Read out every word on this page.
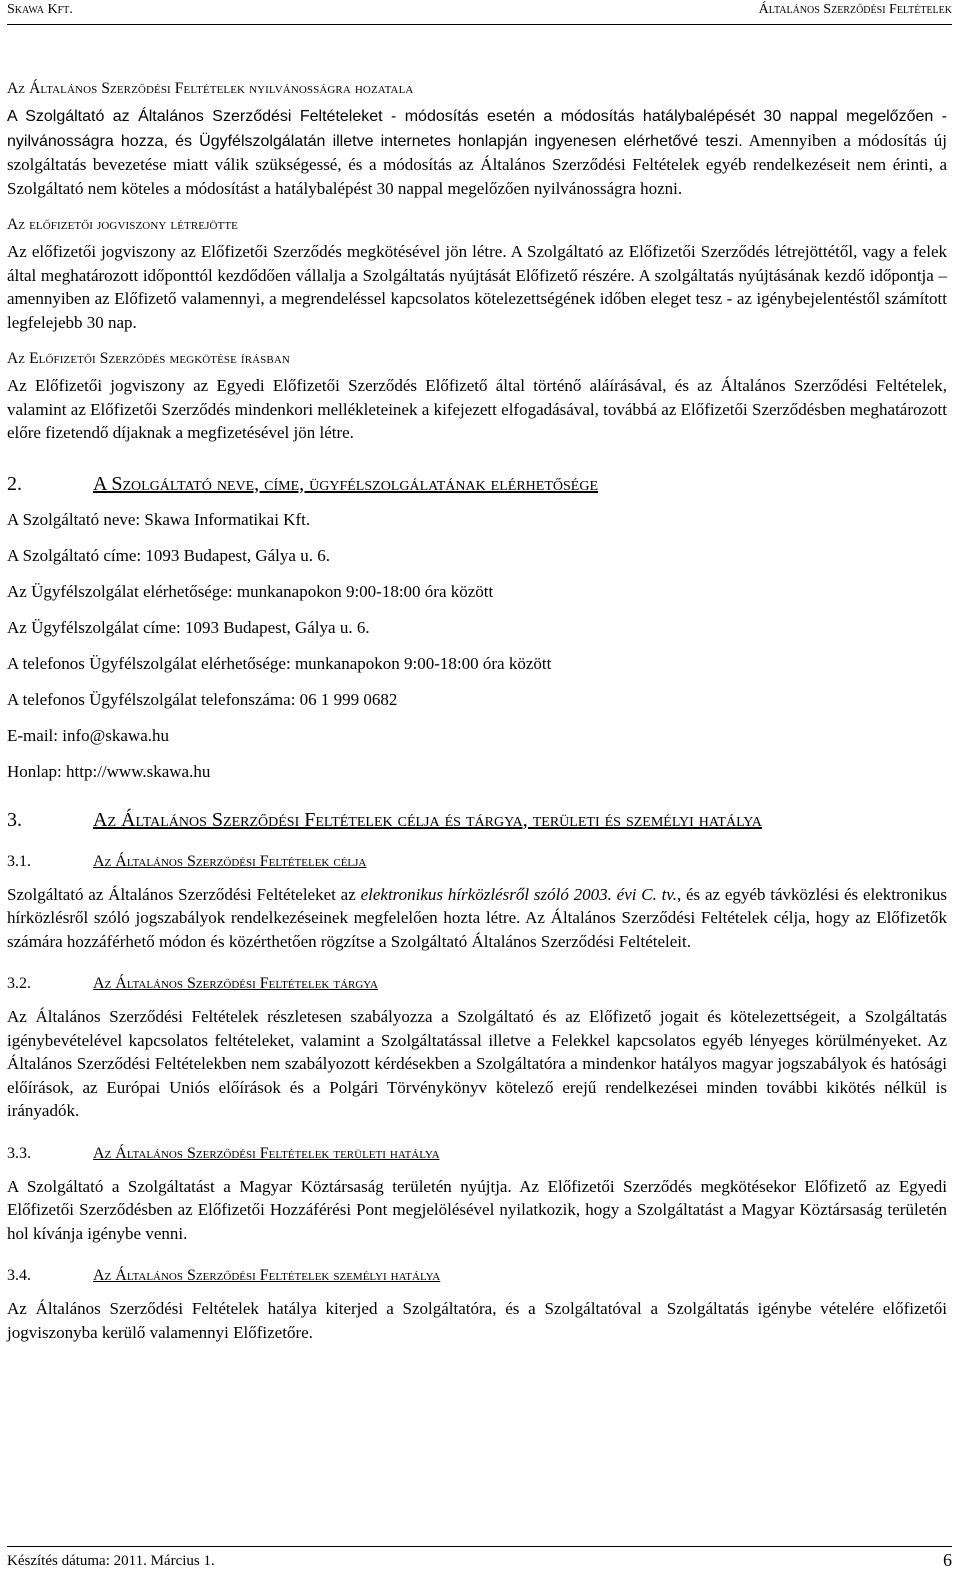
Skawa Kft.	Általános Szerződési Feltételek
Az Általános Szerződési Feltételek nyilvánosságra hozatala

A Szolgáltató az Általános Szerződési Feltételeket - módosítás esetén a módosítás hatálybalépését 30 nappal megelőzően - nyilvánosságra hozza, és Ügyfélszolgálatán illetve internetes honlapján ingyenesen elérhetővé teszi. Amennyiben a módosítás új szolgáltatás bevezetése miatt válik szükségessé, és a módosítás az Általános Szerződési Feltételek egyéb rendelkezéseit nem érinti, a Szolgáltató nem köteles a módosítást a hatálybalépést 30 nappal megelőzően nyilvánosságra hozni.

Az előfizetői jogviszony létrejötte

Az előfizetői jogviszony az Előfizetői Szerződés megkötésével jön létre. A Szolgáltató az Előfizetői Szerződés létrejöttétől, vagy a felek által meghatározott időponttól kezdődően vállalja a Szolgáltatás nyújtását Előfizető részére. A szolgáltatás nyújtásának kezdő időpontja – amennyiben az Előfizető valamennyi, a megrendeléssel kapcsolatos kötelezettségének időben eleget tesz - az igénybejelentéstől számított legfelejebb 30 nap.

Az Előfizetői Szerződés megkötése írásban

Az Előfizetői jogviszony az Egyedi Előfizetői Szerződés Előfizető által történő aláírásával, és az Általános Szerződési Feltételek, valamint az Előfizetői Szerződés mindenkori mellékleteinek a kifejezett elfogadásával, továbbá az Előfizetői Szerződésben meghatározott előre fizetendő díjaknak a megfizetésével jön létre.

2.	A Szolgáltató neve, címe, ügyfélszolgálatának elérhetősége

A Szolgáltató neve: Skawa Informatikai Kft.

A Szolgáltató címe: 1093 Budapest, Gálya u. 6.

Az Ügyfélszolgálat elérhetősége: munkanapokon 9:00-18:00 óra között

Az Ügyfélszolgálat címe: 1093 Budapest, Gálya u. 6.

A telefonos Ügyfélszolgálat elérhetősége: munkanapokon 9:00-18:00 óra között

A telefonos Ügyfélszolgálat telefonszáma: 06 1 999 0682

E-mail: info@skawa.hu

Honlap: http://www.skawa.hu

3.	Az Általános Szerződési Feltételek célja és tárgya, területi és személyi hatálya
3.1.	Az Általános Szerződési Feltételek célja

Szolgáltató az Általános Szerződési Feltételeket az elektronikus hírközlésről szóló 2003. évi C. tv., és az egyéb távközlési és elektronikus hírközlésről szóló jogszabályok rendelkezéseinek megfelelően hozta létre. Az Általános Szerződési Feltételek célja, hogy az Előfizetők számára hozzáférhető módon és közérthetően rögzítse a Szolgáltató Általános Szerződési Feltételeit.

3.2.	Az Általános Szerződési Feltételek tárgya

Az Általános Szerződési Feltételek részletesen szabályozza a Szolgáltató és az Előfizető jogait és kötelezettségeit, a Szolgáltatás igénybevételével kapcsolatos feltételeket, valamint a Szolgáltatással illetve a Felekkel kapcsolatos egyéb lényeges körülményeket. Az Általános Szerződési Feltételekben nem szabályozott kérdésekben a Szolgáltatóra a mindenkor hatályos magyar jogszabályok és hatósági előírások, az Európai Uniós előírások és a Polgári Törvénykönyv kötelező erejű rendelkezései minden további kikötés nélkül is irányadók.

3.3.	Az Általános Szerződési Feltételek területi hatálya

A Szolgáltató a Szolgáltatást a Magyar Köztársaság területén nyújtja. Az Előfizetői Szerződés megkötésekor Előfizető az Egyedi Előfizetői Szerződésben az Előfizetői Hozzáférési Pont megjelölésével nyilatkozik, hogy a Szolgáltatást a Magyar Köztársaság területén hol kívánja igénybe venni.

3.4.	Az Általános Szerződési Feltételek személyi hatálya

Az Általános Szerződési Feltételek hatálya kiterjed a Szolgáltatóra, és a Szolgáltatóval a Szolgáltatás igénybe vételére előfizetői jogviszonyba kerülő valamennyi Előfizetőre.

Készítés dátuma: 2011. Március 1.	6
